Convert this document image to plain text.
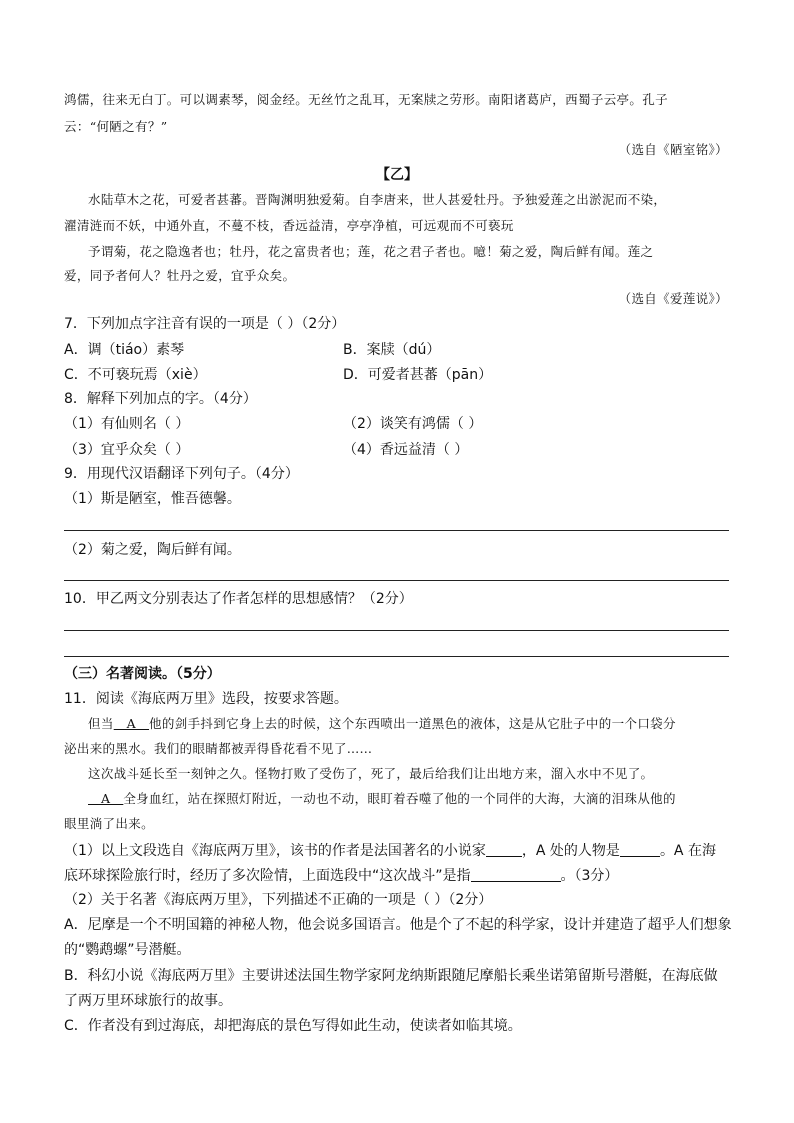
鸿儒，往来无白丁。可以调素琴，阅金经。无丝竹之乱耳，无案牍之劳形。南阳诸葛庐，西蜀子云亭。孔子
云：“何陋之有？”
（选自《陋室铭》）
【乙】
水陆草木之花，可爱者甚蕃。晋陶渊明独爱菊。自李唐来，世人甚爱牡丹。予独爱莲之出淤泥而不染，
濯清涟而不妖，中通外直，不蔓不枝，香远益清，亭亭净植，可远观而不可亵玩
予谓菊，花之隐逸者也；牡丹，花之富贵者也；莲，花之君子者也。噫！菊之爱，陶后鲜有闻。莲之
爱，同予者何人？牡丹之爱，宜乎众矣。
（选自《爱莲说》）
7．下列加点字注音有误的一项是（ ）（2分）
A．调（tiáo）素琴	B．案牍（dú）
C．不可亵玩焉（xiè）	D．可爱者甚蕃（pān）
8．解释下列加点的字。（4分）
（1）有仙则名（ ）	（2）谈笑有鸿儒（ ）
（3）宜乎众矣（ ）	（4）香远益清（ ）
9．用现代汉语翻译下列句子。（4分）
（1）斯是陋室，惟吾德馨。
（2）菊之爱，陶后鲜有闻。
10．甲乙两文分别表达了作者怎样的思想感情？（2分）
（三）名著阅读。（5分）
11．阅读《海底两万里》选段，按要求答题。
但当   A   他的剑手抖到它身上去的时候，这个东西喷出一道黑色的液体，这是从它肚子中的一个口袋分
泌出来的黑水。我们的眼睛都被弄得昏花看不见了……
这次战斗延长至一刻钟之久。怪物打败了受伤了，死了，最后给我们让出地方来，溜入水中不见了。
A   全身血红，站在探照灯附近，一动也不动，眼盯着吞噬了他的一个同伴的大海，大滴的泪珠从他的
眼里淌了出来。
（1）以上文段选自《海底两万里》，该书的作者是法国著名的小说家	，A 处的人物是	。A 在海
底环球探险旅行时，经历了多次险情，上面选段中“这次战斗”是指	。（3分）
（2）关于名著《海底两万里》，下列描述不正确的一项是（ ）（2分）
A．尼摩是一个不明国籍的神秘人物，他会说多国语言。他是个了不起的科学家，设计并建造了超乎人们想象
的“鹦鹉螺”号潜艇。
B．科幻小说《海底两万里》主要讲述法国生物学家阿龙纳斯跟随尼摩船长乘坐诺第留斯号潜艇，在海底做
了两万里环球旅行的故事。
C．作者没有到过海底，却把海底的景色写得如此生动，使读者如临其境。
